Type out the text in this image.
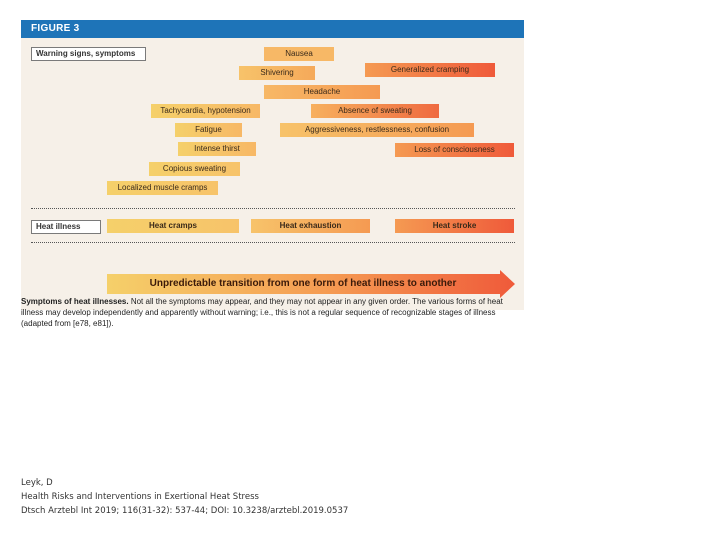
FIGURE 3
Warning signs, symptoms	Nausea
Generalized cramping
Shivering
Headache
Tachycardia, hypotension	Absence of sweating
Fatigue	Aggressiveness, restlessness, confusion
Intense thirst	Loss of consciousness
Copious sweating
Localized muscle cramps
Heat illness	Heat cramps	Heat exhaustion	Heat stroke
Unpredictable transition from one form of heat illness to another
Symptoms of heat illnesses. Not all the symptoms may appear, and they may not appear in any given order. The various forms of heat illness may develop independently and apparently without warning; i.e., this is not a regular sequence of recognizable stages of illness (adapted from [e78, e81]).
Leyk, D
Health Risks and Interventions in Exertional Heat Stress
Dtsch Arztebl Int 2019; 116(31-32): 537-44; DOI: 10.3238/arztebl.2019.0537
